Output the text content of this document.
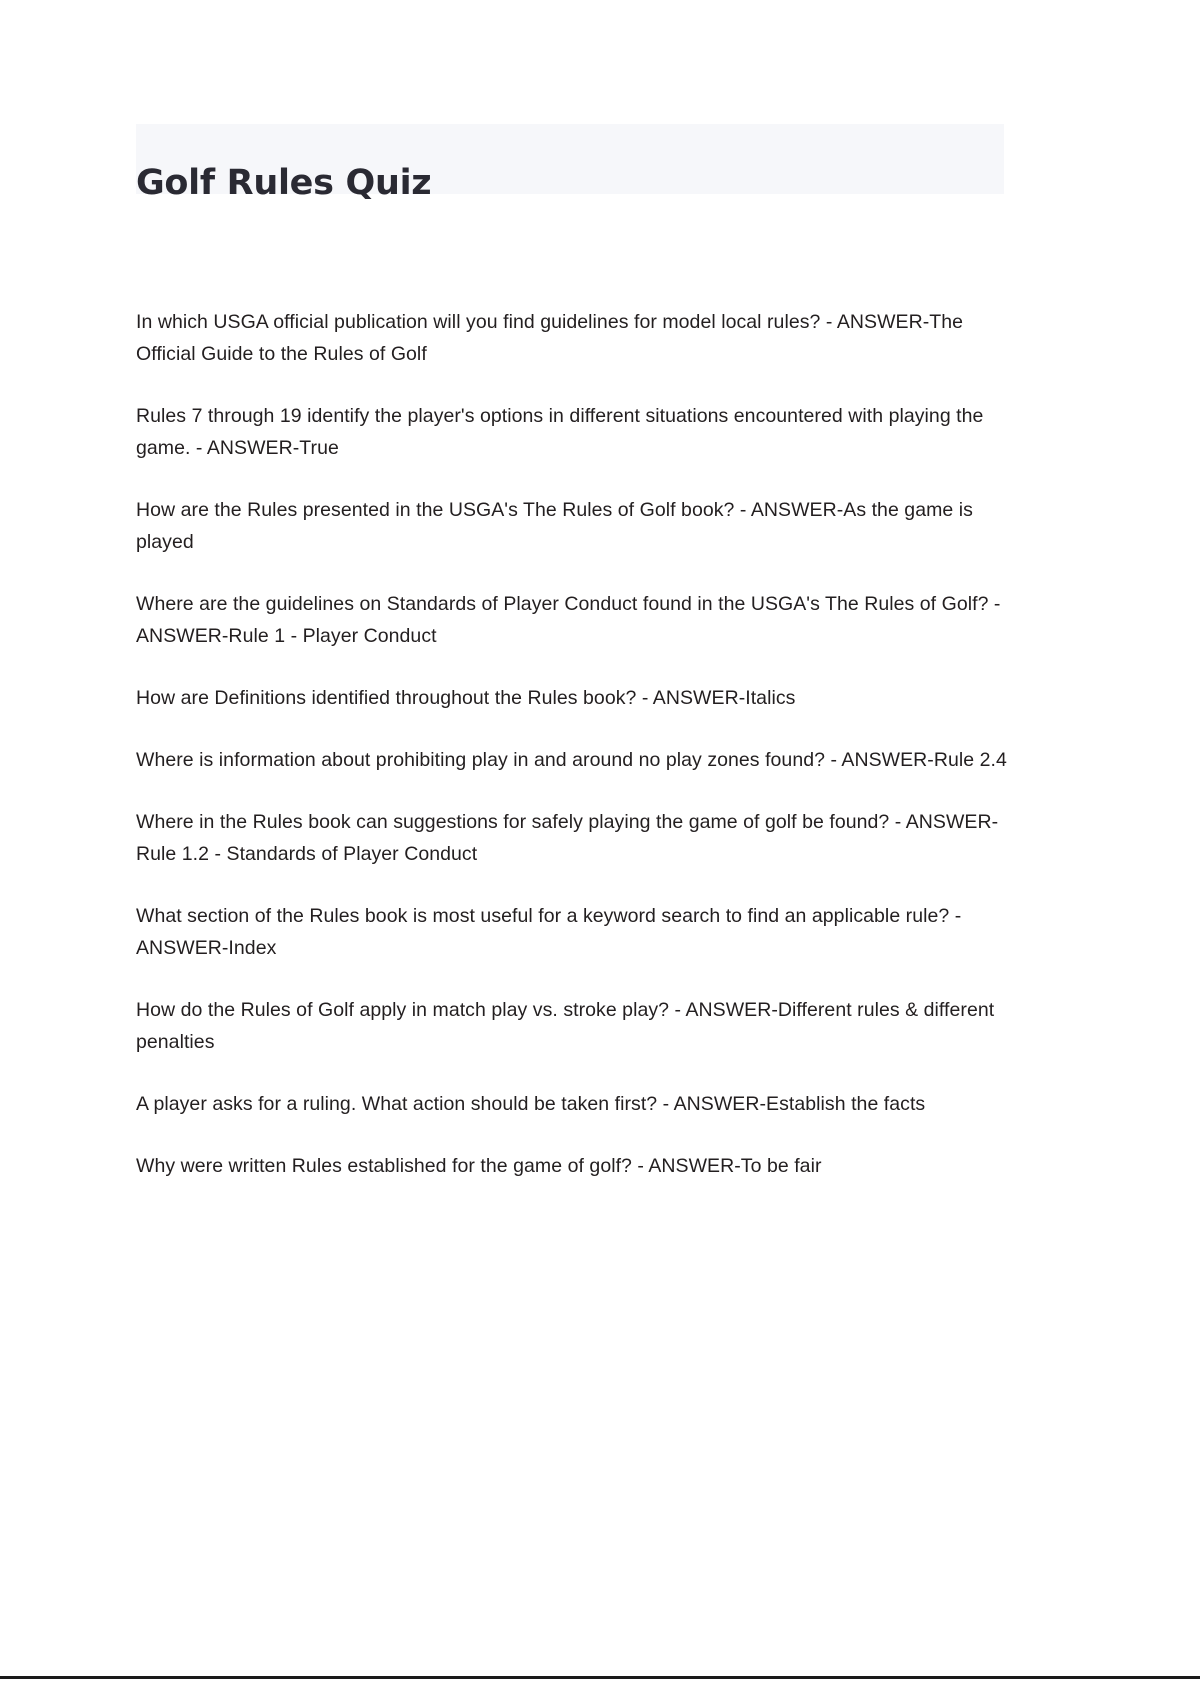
Golf Rules Quiz

In which USGA official publication will you find guidelines for model local rules? - ANSWER-The Official Guide to the Rules of Golf

Rules 7 through 19 identify the player's options in different situations encountered with playing the game. - ANSWER-True

How are the Rules presented in the USGA's The Rules of Golf book? - ANSWER-As the game is played

Where are the guidelines on Standards of Player Conduct found in the USGA's The Rules of Golf? - ANSWER-Rule 1 - Player Conduct

How are Definitions identified throughout the Rules book? - ANSWER-Italics

Where is information about prohibiting play in and around no play zones found? - ANSWER-Rule 2.4

Where in the Rules book can suggestions for safely playing the game of golf be found? - ANSWER-Rule 1.2 - Standards of Player Conduct

What section of the Rules book is most useful for a keyword search to find an applicable rule? - ANSWER-Index

How do the Rules of Golf apply in match play vs. stroke play? - ANSWER-Different rules & different penalties

A player asks for a ruling. What action should be taken first? - ANSWER-Establish the facts

Why were written Rules established for the game of golf? - ANSWER-To be fair
